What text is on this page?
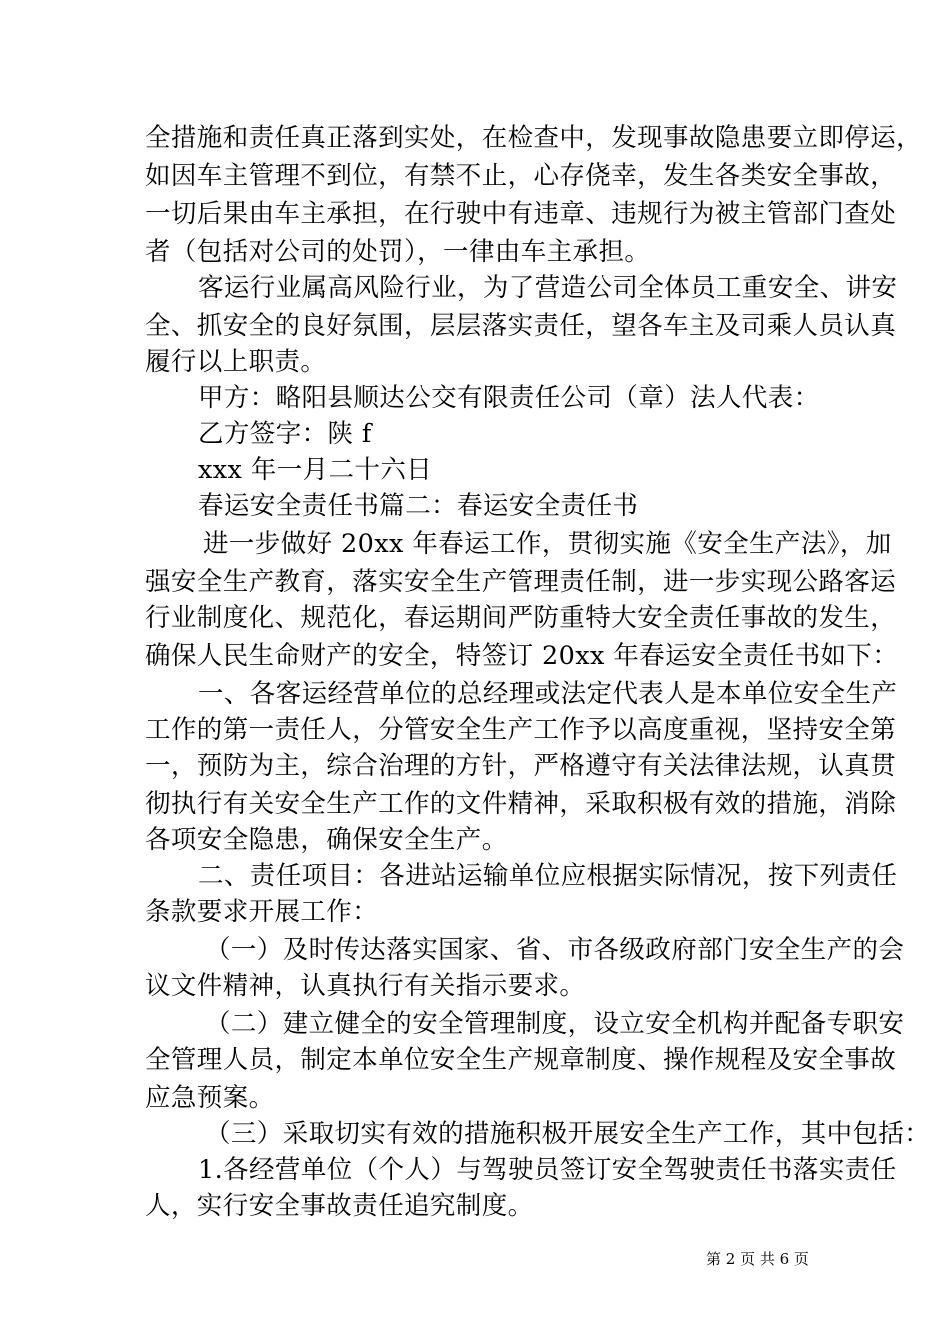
全措施和责任真正落到实处，在检查中，发现事故隐患要立即停运，
如因车主管理不到位，有禁不止，心存侥幸，发生各类安全事故，
一切后果由车主承担，在行驶中有违章、违规行为被主管部门查处
者（包括对公司的处罚），一律由车主承担。
客运行业属高风险行业，为了营造公司全体员工重安全、讲安
全、抓安全的良好氛围，层层落实责任，望各车主及司乘人员认真
履行以上职责。
甲方：略阳县顺达公交有限责任公司（章）法人代表：
乙方签字：陕 f
xxx 年一月二十六日
春运安全责任书篇二：春运安全责任书
进一步做好 20xx 年春运工作，贯彻实施《安全生产法》，加
强安全生产教育，落实安全生产管理责任制，进一步实现公路客运
行业制度化、规范化，春运期间严防重特大安全责任事故的发生，
确保人民生命财产的安全，特签订 20xx 年春运安全责任书如下：
一、各客运经营单位的总经理或法定代表人是本单位安全生产
工作的第一责任人，分管安全生产工作予以高度重视，坚持安全第
一，预防为主，综合治理的方针，严格遵守有关法律法规，认真贯
彻执行有关安全生产工作的文件精神，采取积极有效的措施，消除
各项安全隐患，确保安全生产。
二、责任项目：各进站运输单位应根据实际情况，按下列责任
条款要求开展工作：
（一）及时传达落实国家、省、市各级政府部门安全生产的会
议文件精神，认真执行有关指示要求。
（二）建立健全的安全管理制度，设立安全机构并配备专职安
全管理人员，制定本单位安全生产规章制度、操作规程及安全事故
应急预案。
（三）采取切实有效的措施积极开展安全生产工作，其中包括：
1.各经营单位（个人）与驾驶员签订安全驾驶责任书落实责任
人，实行安全事故责任追究制度。
第 2 页 共 6 页
